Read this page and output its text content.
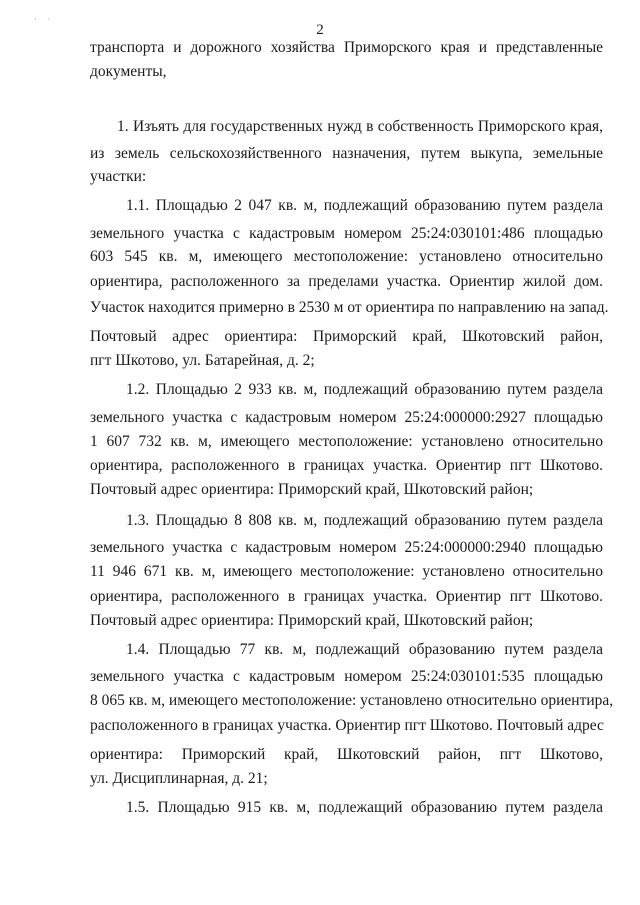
· ·
2
транспорта и дорожного хозяйства Приморского края и представленные
документы,
1. Изъять для государственных нужд в собственность Приморского края,
из земель сельскохозяйственного назначения, путем выкупа, земельные
участки:
1.1. Площадью 2 047 кв. м, подлежащий образованию путем раздела
земельного участка с кадастровым номером 25:24:030101:486 площадью
603 545 кв. м, имеющего местоположение: установлено относительно
ориентира, расположенного за пределами участка. Ориентир жилой дом.
Участок находится примерно в 2530 м от ориентира по направлению на запад.
Почтовый адрес ориентира: Приморский край, Шкотовский район,
пгт Шкотово, ул. Батарейная, д. 2;
1.2. Площадью 2 933 кв. м, подлежащий образованию путем раздела
земельного участка с кадастровым номером 25:24:000000:2927 площадью
1 607 732 кв. м, имеющего местоположение: установлено относительно
ориентира, расположенного в границах участка. Ориентир пгт Шкотово.
Почтовый адрес ориентира: Приморский край, Шкотовский район;
1.3. Площадью 8 808 кв. м, подлежащий образованию путем раздела
земельного участка с кадастровым номером 25:24:000000:2940 площадью
11 946 671 кв. м, имеющего местоположение: установлено относительно
ориентира, расположенного в границах участка. Ориентир пгт Шкотово.
Почтовый адрес ориентира: Приморский край, Шкотовский район;
1.4. Площадью 77 кв. м, подлежащий образованию путем раздела
земельного участка с кадастровым номером 25:24:030101:535 площадью
8 065 кв. м, имеющего местоположение: установлено относительно ориентира,
расположенного в границах участка. Ориентир пгт Шкотово. Почтовый адрес
ориентира: Приморский край, Шкотовский район, пгт Шкотово,
ул. Дисциплинарная, д. 21;
1.5. Площадью 915 кв. м, подлежащий образованию путем раздела
